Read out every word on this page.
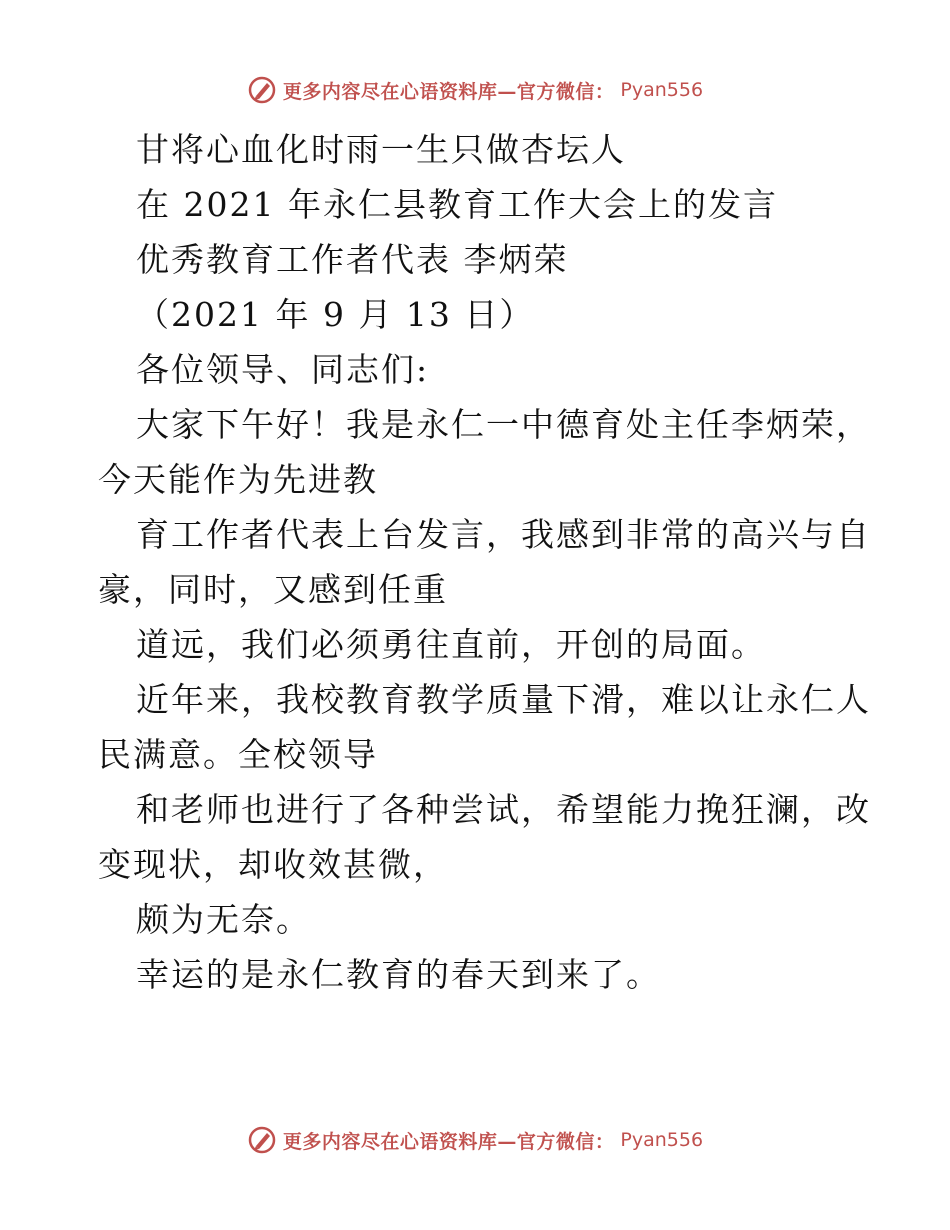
更多内容尽在心语资料库—官方微信： Pyan556
甘将心血化时雨一生只做杏坛人
在 2021 年永仁县教育工作大会上的发言
优秀教育工作者代表 李炳荣
（2021 年 9 月 13 日）
各位领导、同志们:
大家下午好！我是永仁一中德育处主任李炳荣，
今天能作为先进教
育工作者代表上台发言，我感到非常的高兴与自
豪，同时，又感到任重
道远，我们必须勇往直前，开创的局面。
近年来，我校教育教学质量下滑，难以让永仁人
民满意。全校领导
和老师也进行了各种尝试，希望能力挽狂澜，改
变现状，却收效甚微，
颇为无奈。
幸运的是永仁教育的春天到来了。
更多内容尽在心语资料库—官方微信： Pyan556
